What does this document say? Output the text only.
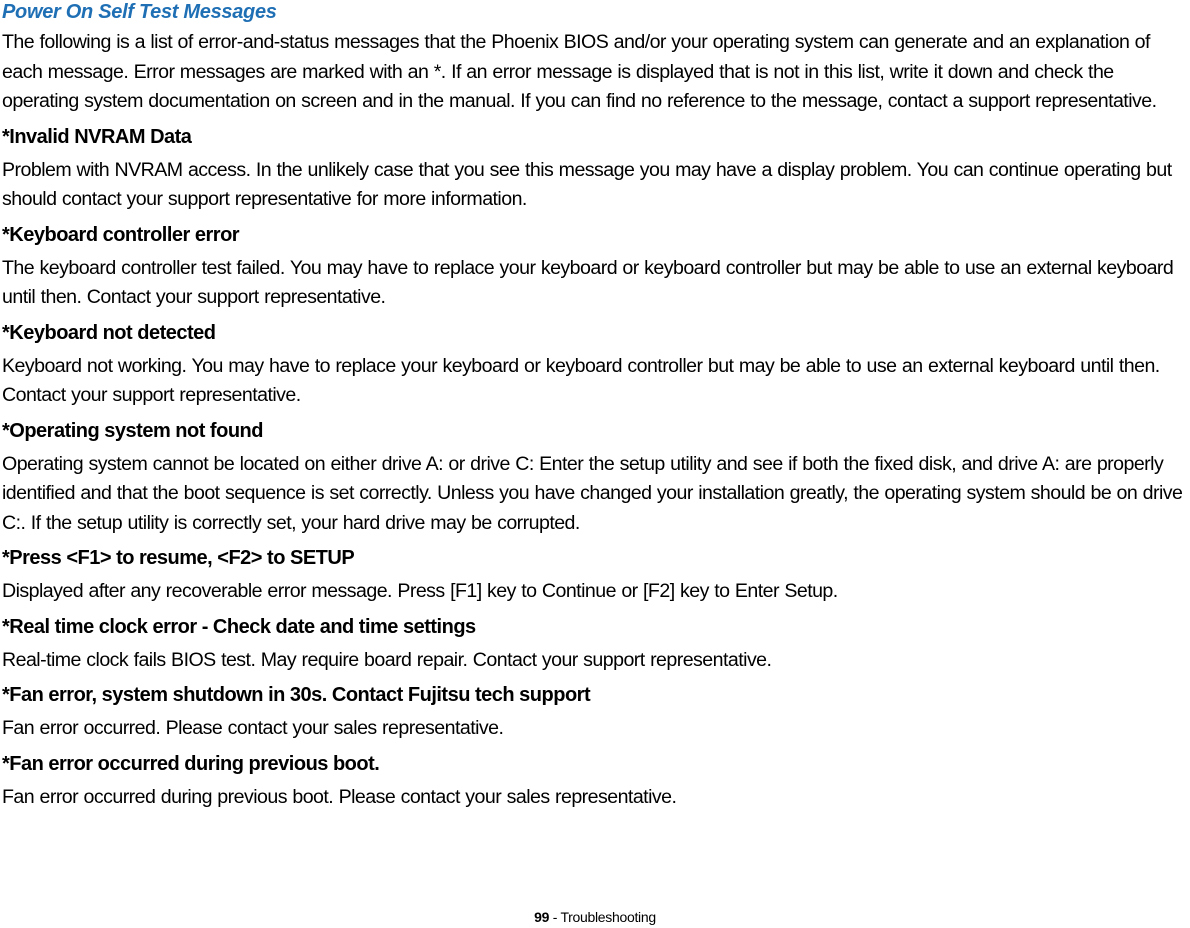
Power On Self Test Messages

The following is a list of error-and-status messages that the Phoenix BIOS and/or your operating system can generate and an explanation of each message. Error messages are marked with an *. If an error message is displayed that is not in this list, write it down and check the operating system documentation on screen and in the manual. If you can find no reference to the message, contact a support representative.

*Invalid NVRAM Data

Problem with NVRAM access. In the unlikely case that you see this message you may have a display problem. You can continue operating but should contact your support representative for more information.

*Keyboard controller error

The keyboard controller test failed. You may have to replace your keyboard or keyboard controller but may be able to use an external keyboard until then. Contact your support representative.

*Keyboard not detected

Keyboard not working. You may have to replace your keyboard or keyboard controller but may be able to use an external keyboard until then. Contact your support representative.

*Operating system not found

Operating system cannot be located on either drive A: or drive C: Enter the setup utility and see if both the fixed disk, and drive A: are properly identified and that the boot sequence is set correctly. Unless you have changed your installation greatly, the operating system should be on drive C:. If the setup utility is correctly set, your hard drive may be corrupted.

*Press <F1> to resume, <F2> to SETUP

Displayed after any recoverable error message. Press [F1] key to Continue or [F2] key to Enter Setup.

*Real time clock error - Check date and time settings

Real-time clock fails BIOS test. May require board repair. Contact your support representative.

*Fan error, system shutdown in 30s. Contact Fujitsu tech support

Fan error occurred. Please contact your sales representative.

*Fan error occurred during previous boot.

Fan error occurred during previous boot. Please contact your sales representative.

99 - Troubleshooting
